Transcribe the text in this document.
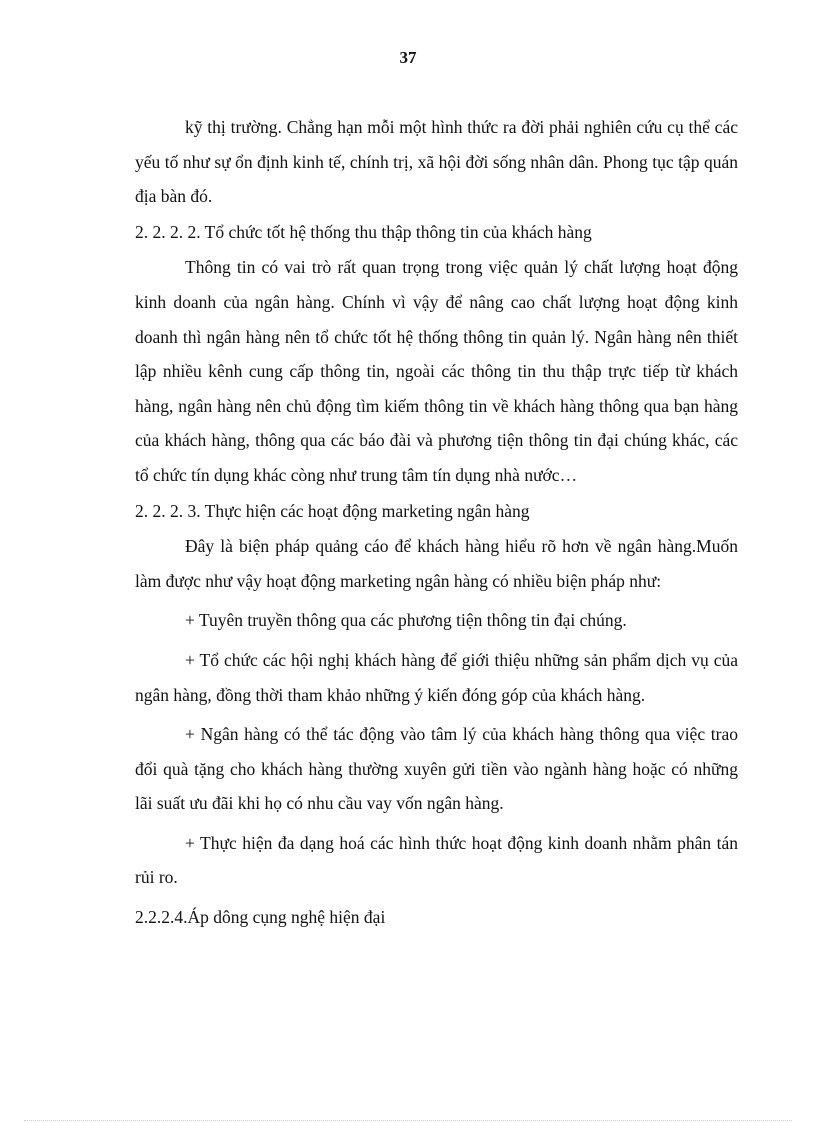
37

kỹ thị trường. Chẳng hạn mỗi một hình thức ra đời phải nghiên cứu cụ thể các yếu tố như sự ổn định kinh tế, chính trị, xã hội đời sống nhân dân. Phong tục tập quán địa bàn đó.

2. 2. 2. 2. Tổ chức tốt hệ thống thu thập thông tin của khách hàng

Thông tin có vai trò rất quan trọng trong việc quản lý chất lượng hoạt động kinh doanh của ngân hàng. Chính vì vậy để nâng cao chất lượng hoạt động kinh doanh thì ngân hàng nên tổ chức tốt hệ thống thông tin quản lý. Ngân hàng nên thiết lập nhiều kênh cung cấp thông tin, ngoài các thông tin thu thập trực tiếp từ khách hàng, ngân hàng nên chủ động tìm kiếm thông tin về khách hàng thông qua bạn hàng của khách hàng, thông qua các báo đài và phương tiện thông tin đại chúng khác, các tổ chức tín dụng khác còng như trung tâm tín dụng nhà nước…

2. 2. 2. 3. Thực hiện các hoạt động marketing ngân hàng

Đây là biện pháp quảng cáo để khách hàng hiểu rõ hơn về ngân hàng.Muốn làm được như vậy hoạt động marketing ngân hàng có nhiều biện pháp như:

+ Tuyên truyền thông qua các phương tiện thông tin đại chúng.

+ Tổ chức các hội nghị khách hàng để giới thiệu những sản phẩm dịch vụ của ngân hàng, đồng thời tham khảo những ý kiến đóng góp của khách hàng.

+ Ngân hàng có thể tác động vào tâm lý của khách hàng thông qua việc trao đổi quà tặng cho khách hàng thường xuyên gửi tiền vào ngành hàng hoặc có những lãi suất ưu đãi khi họ có nhu cầu vay vốn ngân hàng.

+ Thực hiện đa dạng hoá các hình thức hoạt động kinh doanh nhằm phân tán rủi ro.

2.2.2.4.Áp dông cụng nghệ hiện đại
